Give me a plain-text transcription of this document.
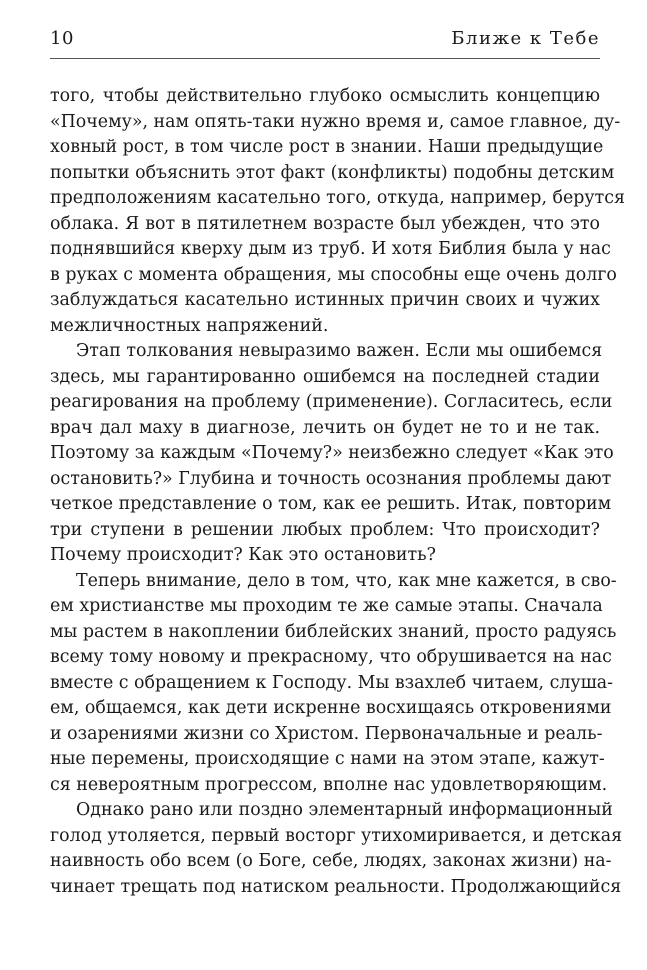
10	Ближе к Тебе
того, чтобы действительно глубоко осмыслить концепцию
«Почему», нам опять-таки нужно время и, самое главное, ду-
ховный рост, в том числе рост в знании. Наши предыдущие
попытки объяснить этот факт (конфликты) подобны детским
предположениям касательно того, откуда, например, берутся
облака. Я вот в пятилетнем возрасте был убежден, что это
поднявшийся кверху дым из труб. И хотя Библия была у нас
в руках с момента обращения, мы способны еще очень долго
заблуждаться касательно истинных причин своих и чужих
межличностных напряжений.
Этап толкования невыразимо важен. Если мы ошибемся
здесь, мы гарантированно ошибемся на последней стадии
реагирования на проблему (применение). Согласитесь, если
врач дал маху в диагнозе, лечить он будет не то и не так.
Поэтому за каждым «Почему?» неизбежно следует «Как это
остановить?» Глубина и точность осознания проблемы дают
четкое представление о том, как ее решить. Итак, повторим
три ступени в решении любых проблем: Что происходит?
Почему происходит? Как это остановить?
Теперь внимание, дело в том, что, как мне кажется, в сво-
ем христианстве мы проходим те же самые этапы. Сначала
мы растем в накоплении библейских знаний, просто радуясь
всему тому новому и прекрасному, что обрушивается на нас
вместе с обращением к Господу. Мы взахлеб читаем, слуша-
ем, общаемся, как дети искренне восхищаясь откровениями
и озарениями жизни со Христом. Первоначальные и реаль-
ные перемены, происходящие с нами на этом этапе, кажут-
ся невероятным прогрессом, вполне нас удовлетворяющим.
Однако рано или поздно элементарный информационный
голод утоляется, первый восторг утихомиривается, и детская
наивность обо всем (о Боге, себе, людях, законах жизни) на-
чинает трещать под натиском реальности. Продолжающийся
